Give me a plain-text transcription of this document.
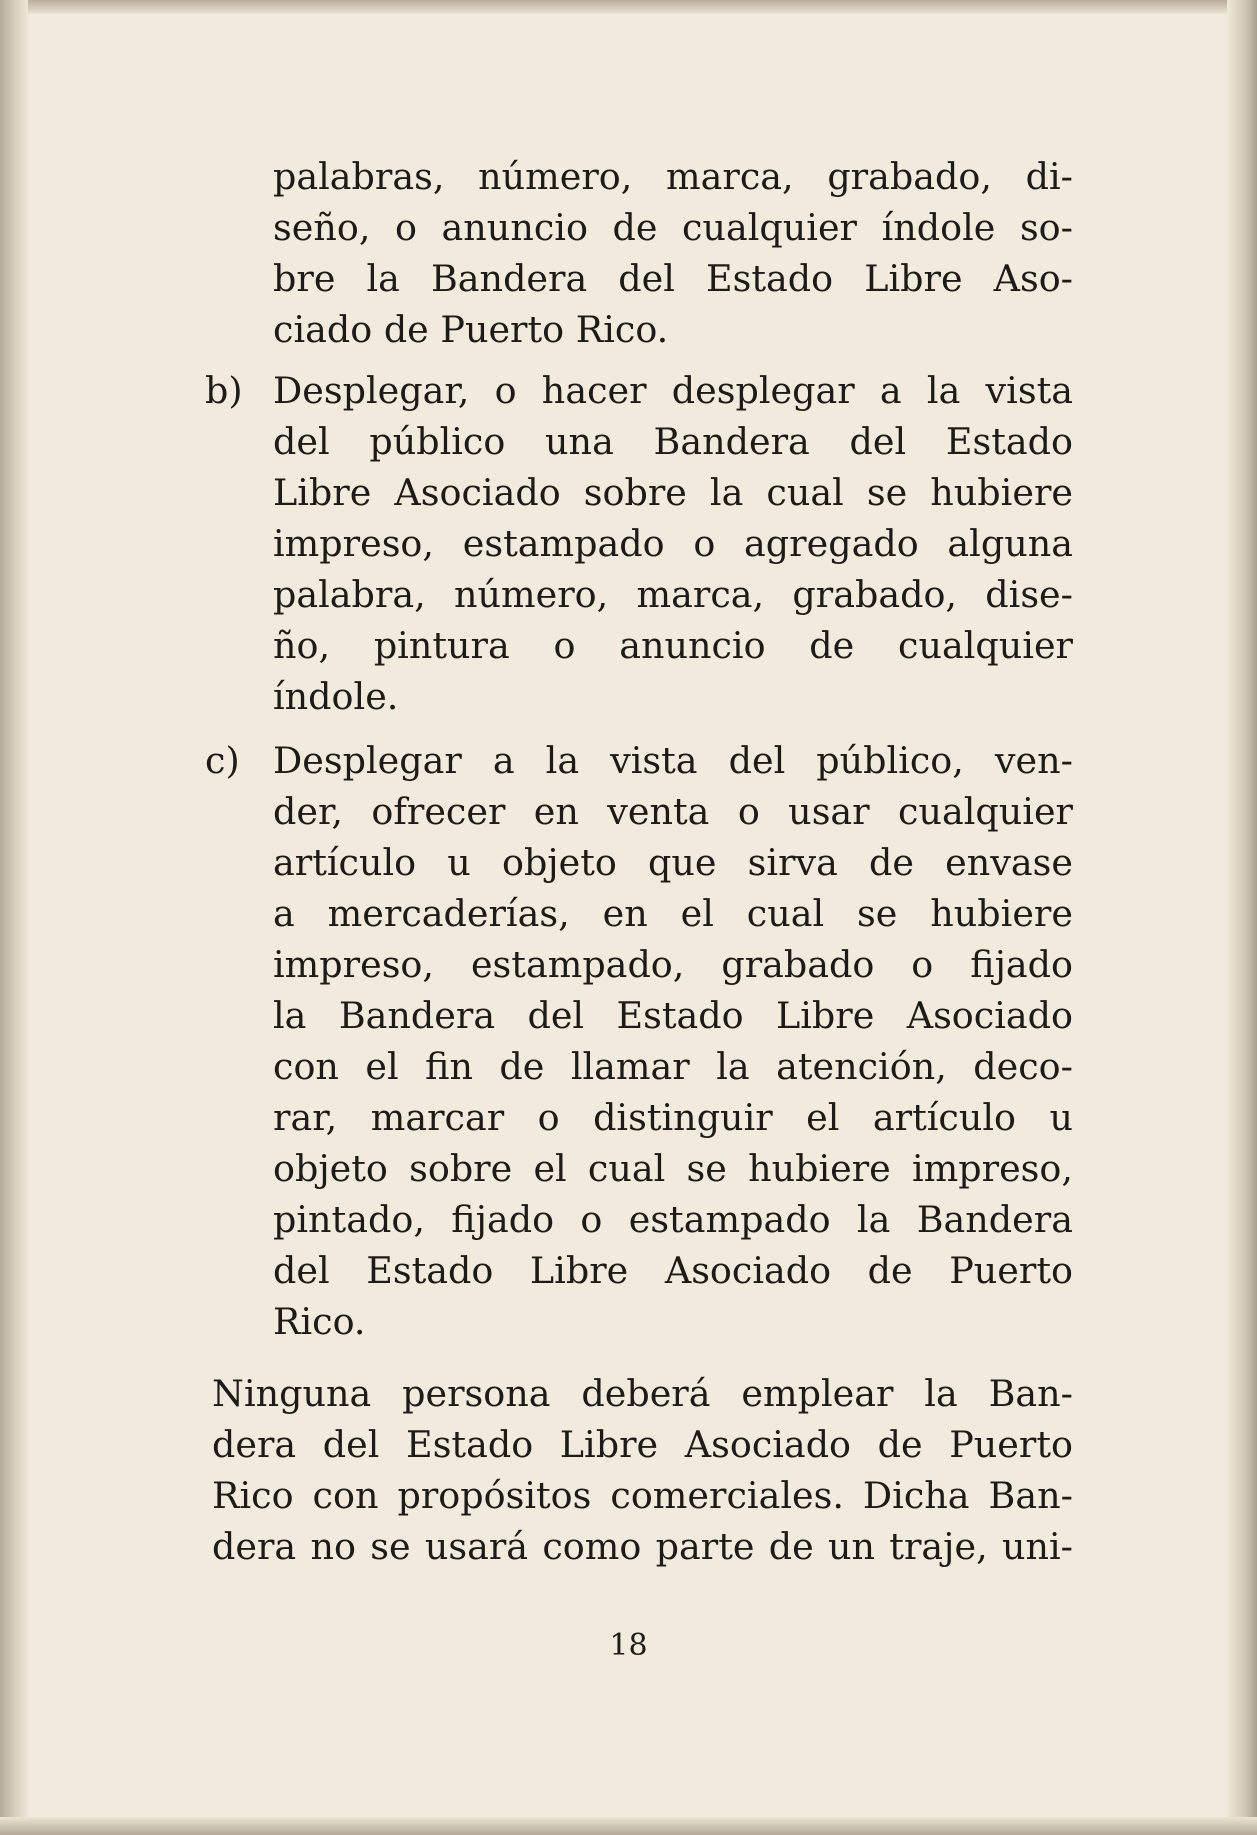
palabras, número, marca, grabado, di-
seño, o anuncio de cualquier índole so-
bre la Bandera del Estado Libre Aso-
ciado de Puerto Rico.
b) Desplegar, o hacer desplegar a la vista
del público una Bandera del Estado
Libre Asociado sobre la cual se hubiere
impreso, estampado o agregado alguna
palabra, número, marca, grabado, dise-
ño, pintura o anuncio de cualquier
índole.
c) Desplegar a la vista del público, ven-
der, ofrecer en venta o usar cualquier
artículo u objeto que sirva de envase
a mercaderías, en el cual se hubiere
impreso, estampado, grabado o fijado
la Bandera del Estado Libre Asociado
con el fin de llamar la atención, deco-
rar, marcar o distinguir el artículo u
objeto sobre el cual se hubiere impreso,
pintado, fijado o estampado la Bandera
del Estado Libre Asociado de Puerto
Rico.
Ninguna persona deberá emplear la Ban-
dera del Estado Libre Asociado de Puerto
Rico con propósitos comerciales. Dicha Ban-
dera no se usará como parte de un traje, uni-
18
